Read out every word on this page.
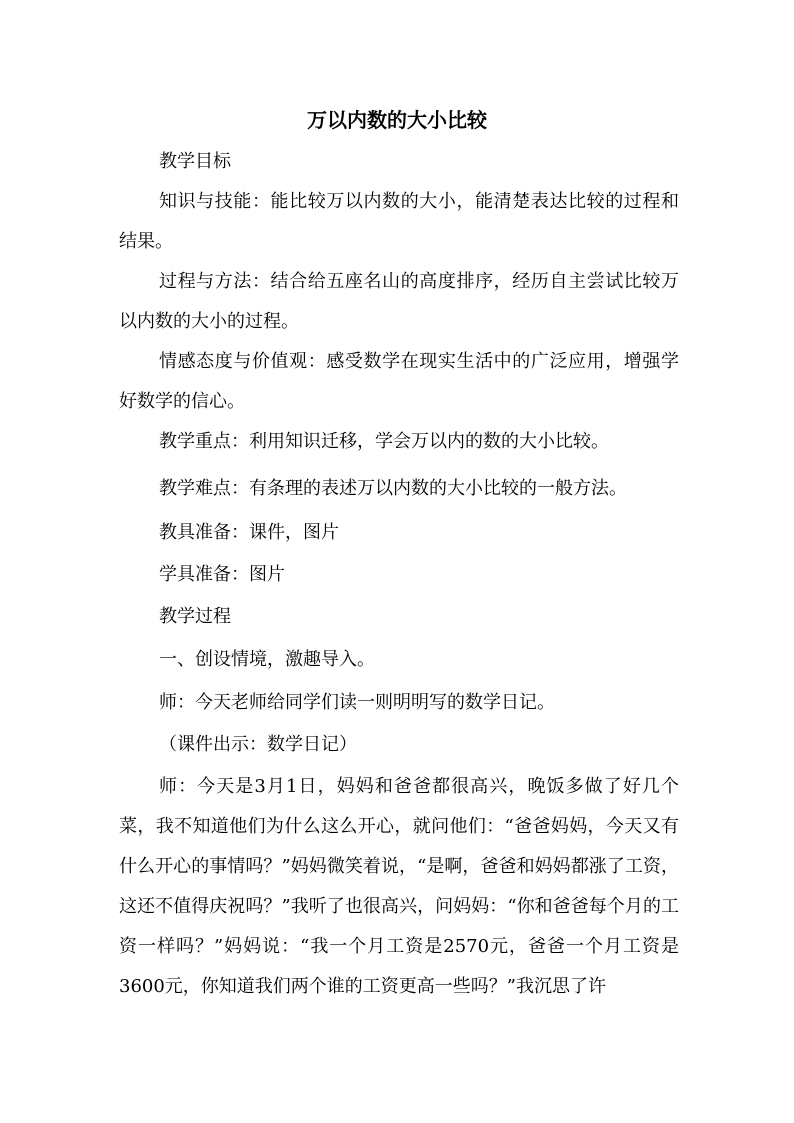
万以内数的大小比较

教学目标

知识与技能：能比较万以内数的大小，能清楚表达比较的过程和结果。

过程与方法：结合给五座名山的高度排序，经历自主尝试比较万以内数的大小的过程。

情感态度与价值观：感受数学在现实生活中的广泛应用，增强学好数学的信心。

教学重点：利用知识迁移，学会万以内的数的大小比较。

教学难点：有条理的表述万以内数的大小比较的一般方法。

教具准备：课件，图片

学具准备：图片

教学过程

一、创设情境，激趣导入。

师：今天老师给同学们读一则明明写的数学日记。

（课件出示：数学日记）

师：今天是3月1日，妈妈和爸爸都很高兴，晚饭多做了好几个菜，我不知道他们为什么这么开心，就问他们：“爸爸妈妈，今天又有什么开心的事情吗？”妈妈微笑着说，“是啊，爸爸和妈妈都涨了工资，这还不值得庆祝吗？”我听了也很高兴，问妈妈：“你和爸爸每个月的工资一样吗？”妈妈说：“我一个月工资是2570元，爸爸一个月工资是3600元，你知道我们两个谁的工资更高一些吗？”我沉思了许
